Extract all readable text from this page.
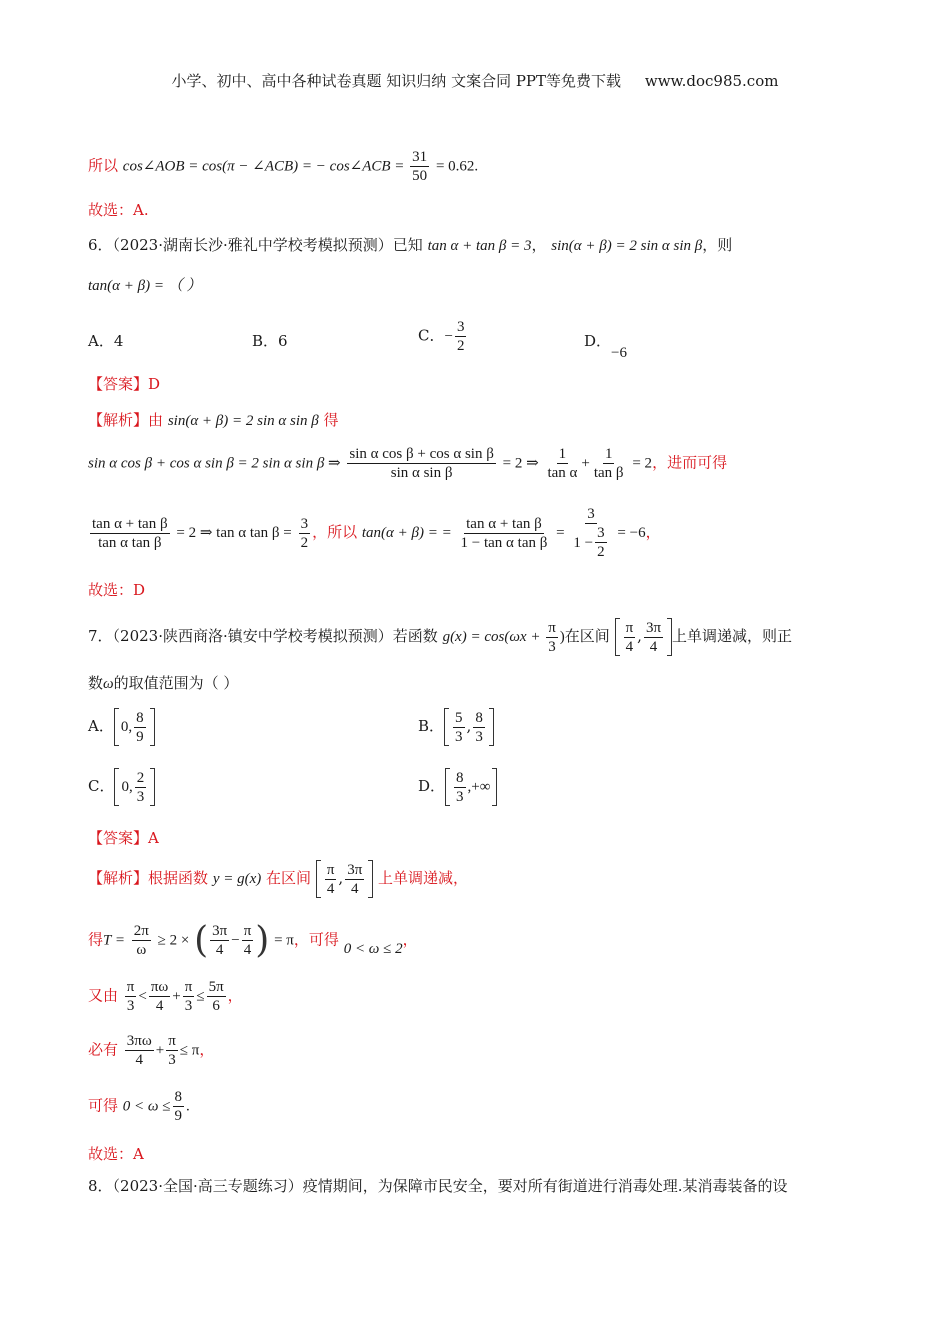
小学、初中、高中各种试卷真题 知识归纳 文案合同 PPT等免费下载     www.doc985.com
所以 cos∠AOB = cos(π − ∠ACB) = − cos∠ACB = $\frac{31}{50} = 0.62$.
故选：A.
6．（2023·湖南长沙·雅礼中学校考模拟预测）已知 tan α + tan β = 3， sin(α + β) = 2 sin α sin β，则
tan(α + β) = （ ）
A．4	B．6	C．− $\frac{3}{2}$	D．−6
【答案】D
【解析】由 sin(α + β) = 2 sin α sin β 得
sin α cos β + cos α sin β = 2 sin α sin β ⇒ $\frac{\text{sin α cos β + cos α sin β}}{\text{sin α sin β}} = 2$ ⇒ $\frac{1}{\text{tan α}} + \frac{1}{\text{tan β}} = 2$，进而可得
$\frac{\text{tan α + tan β}}{\text{tan α tan β}} = 2$ ⇒ tan α $\tan \beta = \frac{3}{2}$ ，所以 tan(α + β) = = $\frac{\text{tan α + tan β}}{\text{1 − tan α tan β}} = \frac{3}{1 - \frac{3}{2}} = -6$，
故选：D
7．（2023·陕西商洛·镇安中学校考模拟预测）若函数 $g(x) = \cos(\omega x + \frac{\pi}{3}$ )在区间 $\frac{\pi}{4}$ , $\frac{3\pi}{4}$ 上单调递减，则正
数ω的取值范围为（ ）
A． 0, $\frac{8}{9}$	B． $\frac{5}{3}$ , $\frac{8}{3}$
C． 0, $\frac{2}{3}$	D． $\frac{8}{3}$ ,+∞
【答案】A
【解析】根据函数 y = g(x) 在区间 $\frac{\pi}{4}$ , $\frac{3\pi}{4}$ 上单调递减，
得$T = \frac{2\pi}{\omega} \ge 2$ × ( $\frac{3\pi}{4} - \frac{\pi}{4}$ ) = π，可得 0 < ω ≤ 2，
又由 $\frac{\pi}{3} < \frac{\pi\omega}{4} + \frac{\pi}{3} \le \frac{5\pi}{6}$ ，
必有 $\frac{3\pi\omega}{4} + \frac{\pi}{3} \le \pi$，
可得 $0 < \omega \le \frac{8}{9}$ .
故选：A
8．（2023·全国·高三专题练习）疫情期间，为保障市民安全，要对所有街道进行消毒处理.某消毒装备的设
